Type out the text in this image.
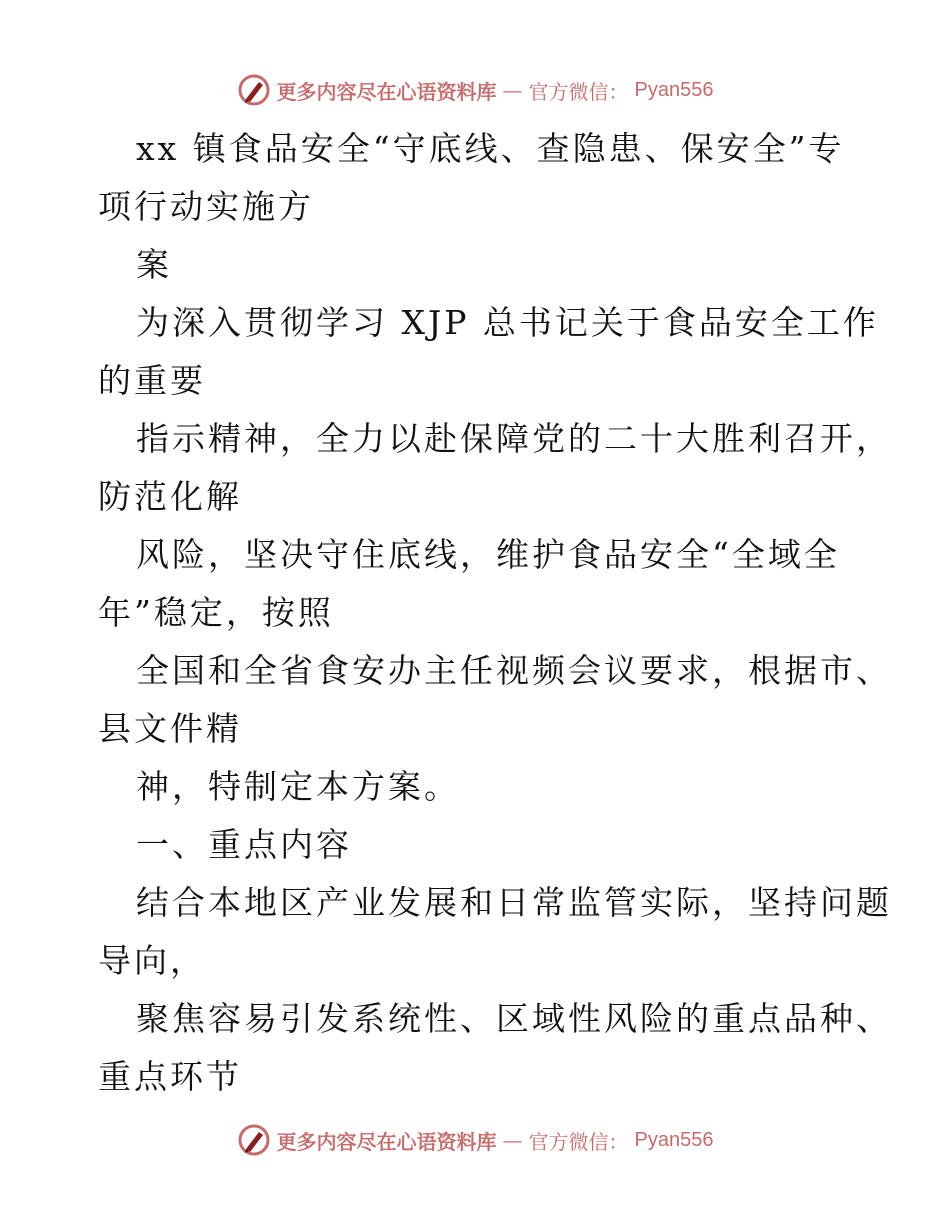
更多内容尽在心语资料库 — 官方微信： Pyan556
xx 镇食品安全“守底线、查隐患、保安全”专
项行动实施方
案
为深入贯彻学习 XJP 总书记关于食品安全工作
的重要
指示精神，全力以赴保障党的二十大胜利召开，
防范化解
风险，坚决守住底线，维护食品安全“全域全
年”稳定，按照
全国和全省食安办主任视频会议要求，根据市、
县文件精
神，特制定本方案。
一、重点内容
结合本地区产业发展和日常监管实际，坚持问题
导向，
聚焦容易引发系统性、区域性风险的重点品种、
重点环节
更多内容尽在心语资料库 — 官方微信： Pyan556
